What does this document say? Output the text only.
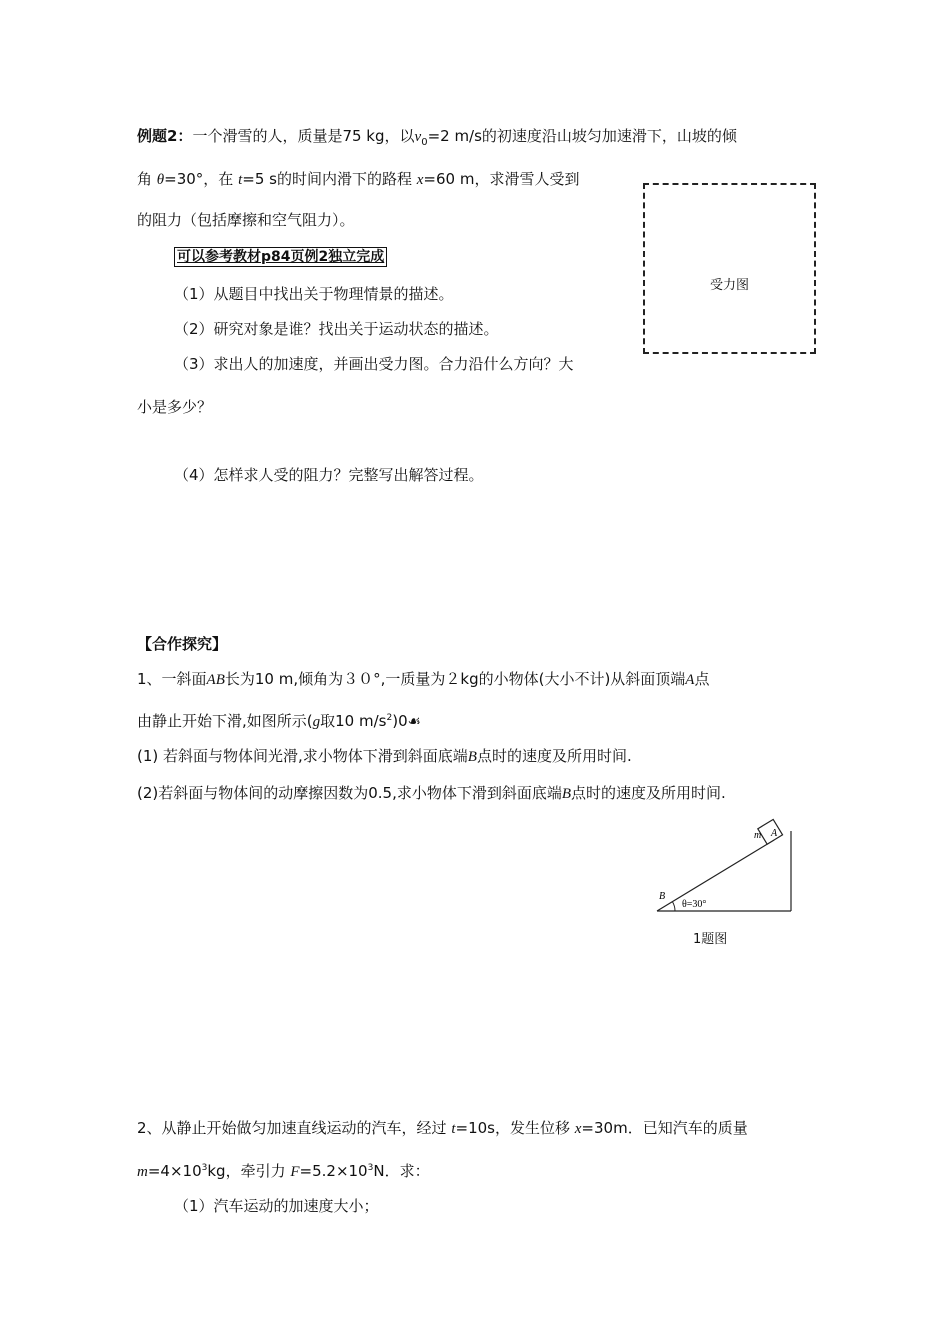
例题2：一个滑雪的人，质量是75 kg，以$v_0=2$ m/s的初速度沿山坡匀加速滑下，山坡的倾
角 θ=30°，在 t=5 s的时间内滑下的路程 x=60 m，求滑雪人受到
的阻力（包括摩擦和空气阻力）。
可以参考教材p84页例2独立完成
（1）从题目中找出关于物理情景的描述。
（2）研究对象是谁？找出关于运动状态的描述。
（3）求出人的加速度，并画出受力图。合力沿什么方向？大
小是多少？
（4）怎样求人受的阻力？完整写出解答过程。
受力图
【合作探究】
1、一斜面AB长为10 m,倾角为３０°,一质量为２kg的小物体(大小不计)从斜面顶端A点
由静止开始下滑,如图所示(g取10 $m/s^2)0☙$
(1) 若斜面与物体间光滑,求小物体下滑到斜面底端B点时的速度及所用时间.
(2)若斜面与物体间的动摩擦因数为0.5,求小物体下滑到斜面底端B点时的速度及所用时间.
A
m
B
θ=30°
1题图
2、从静止开始做匀加速直线运动的汽车，经过 t=10s，发生位移 x=30m．已知汽车的质量
$m=4\times 10^3kg$，牵引力 $F=5.2\times 10^3N$．求：
（1）汽车运动的加速度大小；
